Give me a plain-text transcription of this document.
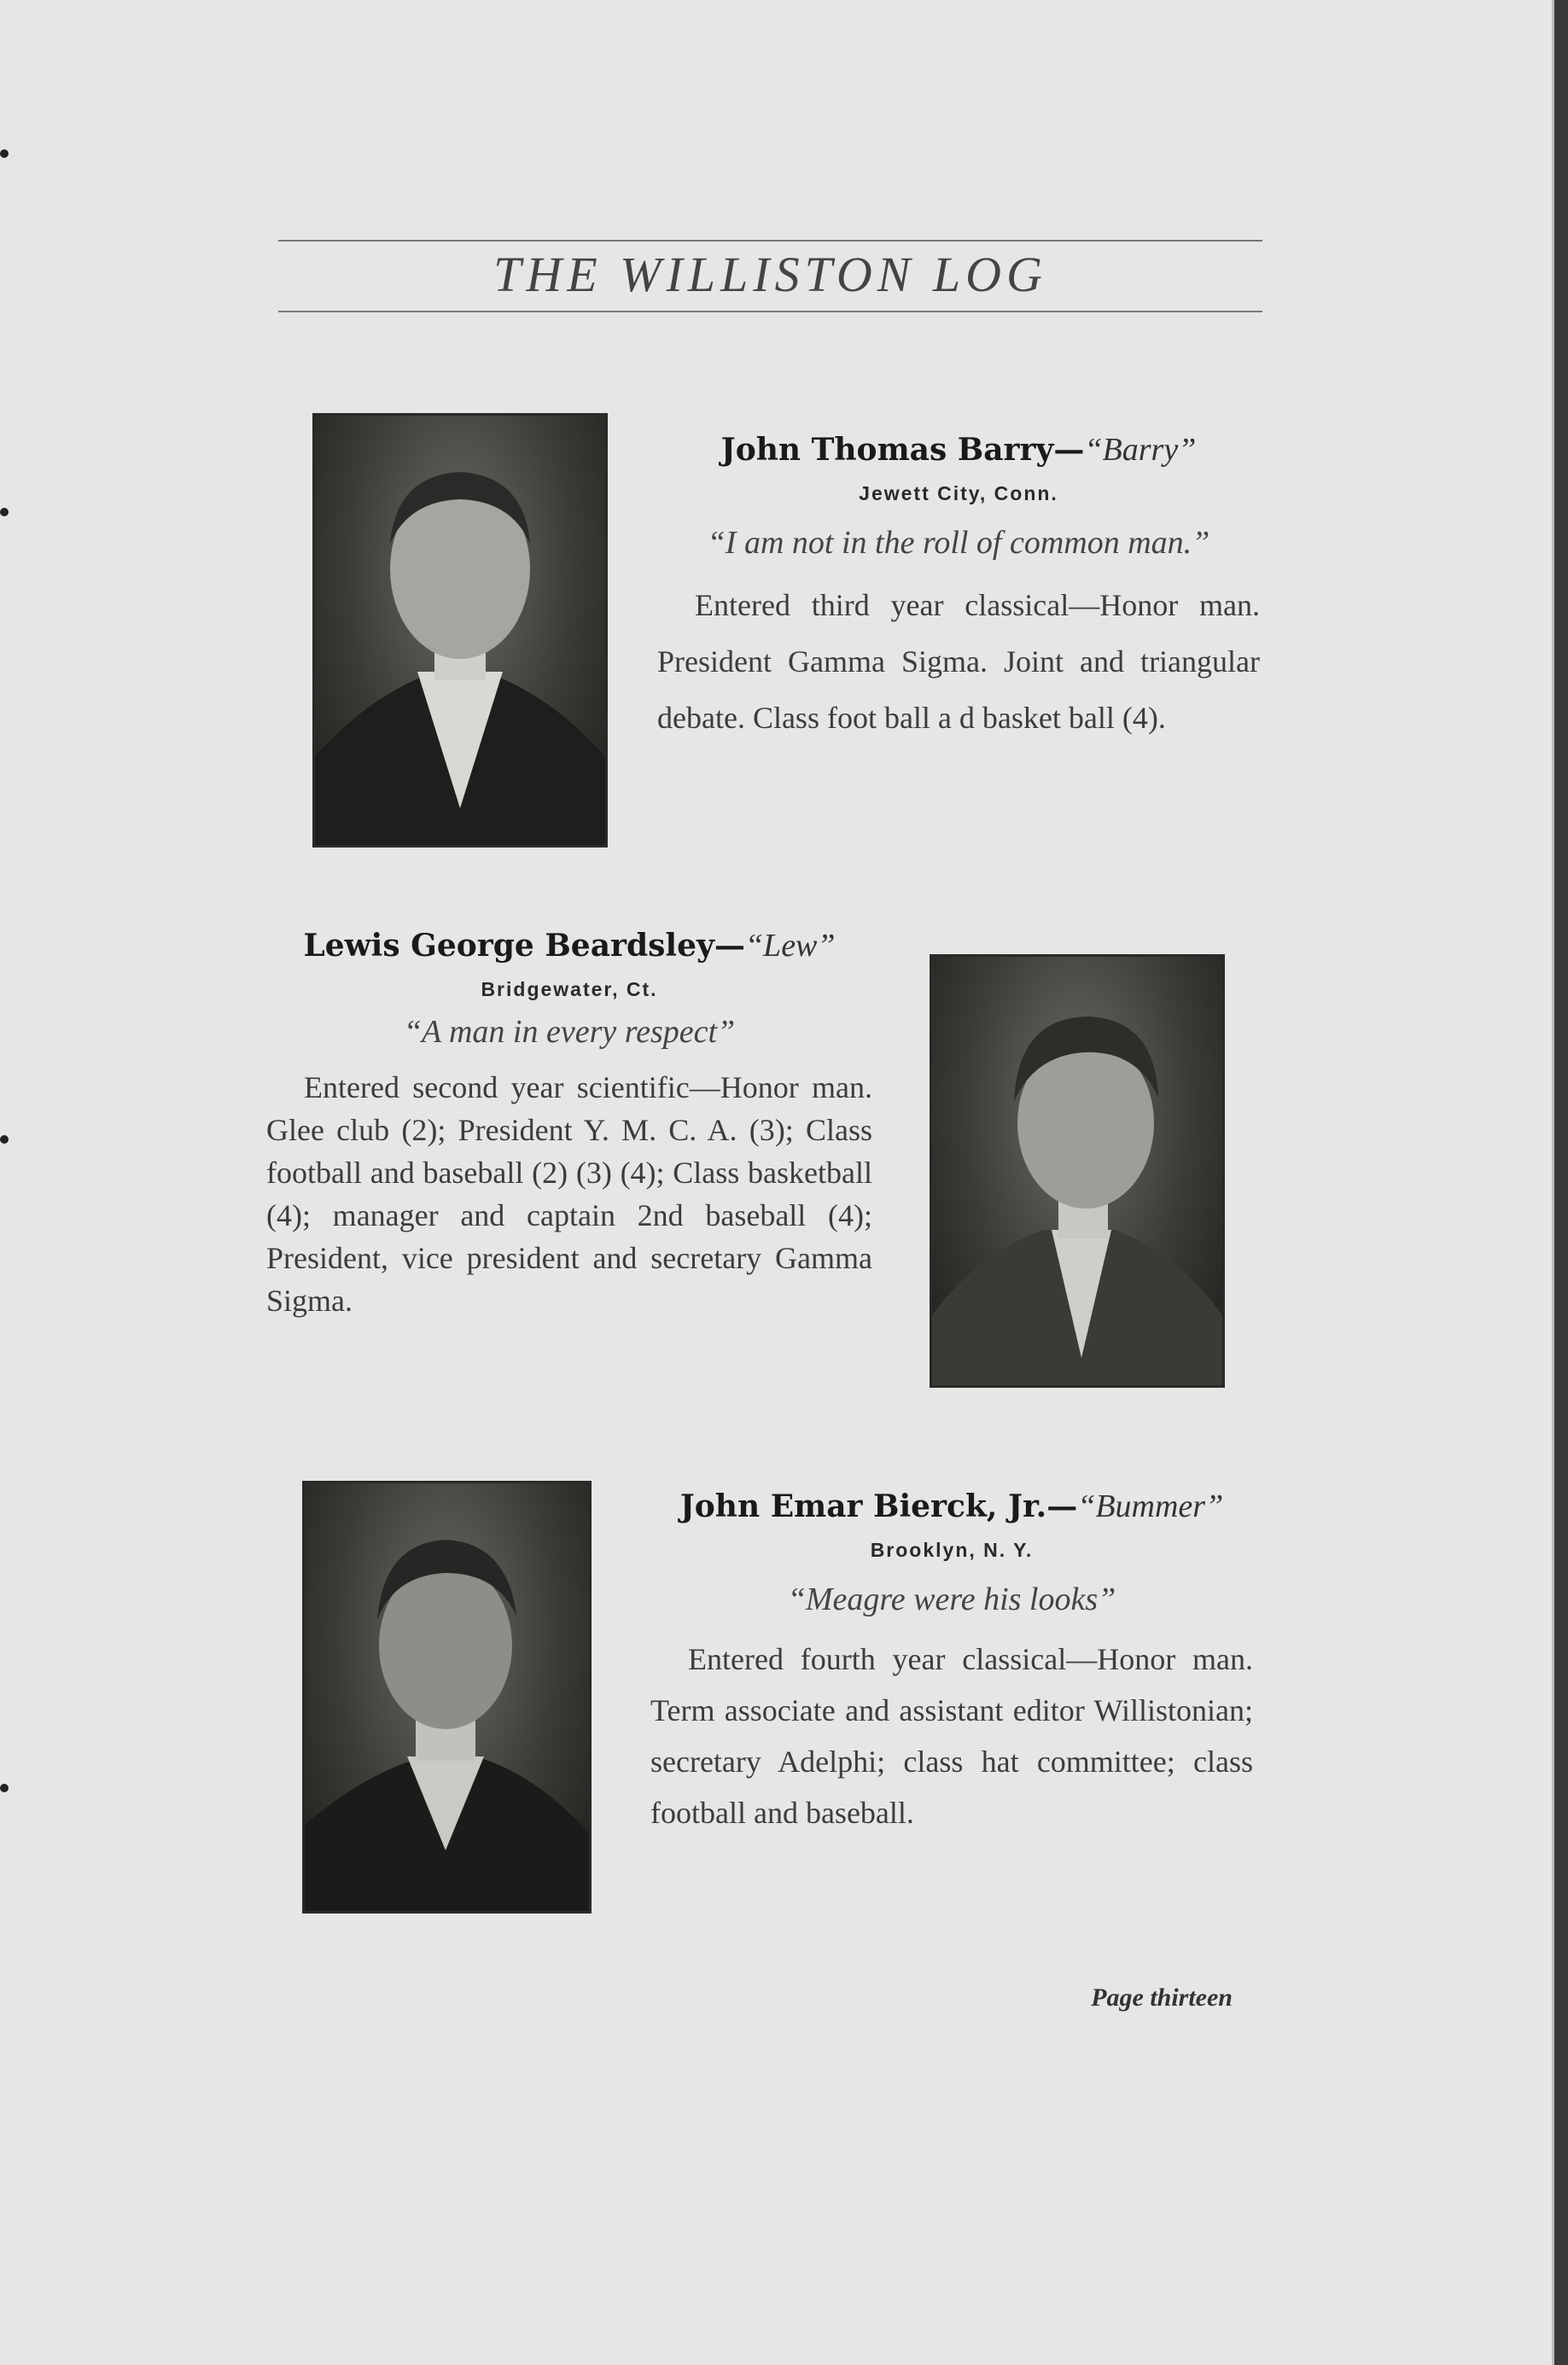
THE WILLISTON LOG
John Thomas Barry—“Barry”
Jewett City, Conn.
“I am not in the roll of common man.”
Entered third year classical—Honor man. President Gamma Sigma. Joint and triangular debate. Class foot ball a d basket ball (4).
Lewis George Beardsley—“Lew”
Bridgewater, Ct.
“A man in every respect”
Entered second year scientific—Honor man. Glee club (2); President Y. M. C. A. (3); Class football and baseball (2) (3) (4); Class basketball (4); manager and captain 2nd baseball (4); President, vice president and secretary Gamma Sigma.
John Emar Bierck, Jr.—“Bummer”
Brooklyn, N. Y.
“Meagre were his looks”
Entered fourth year classical—Honor man. Term associate and assistant editor Willistonian; secretary Adelphi; class hat committee; class football and baseball.
Page thirteen
